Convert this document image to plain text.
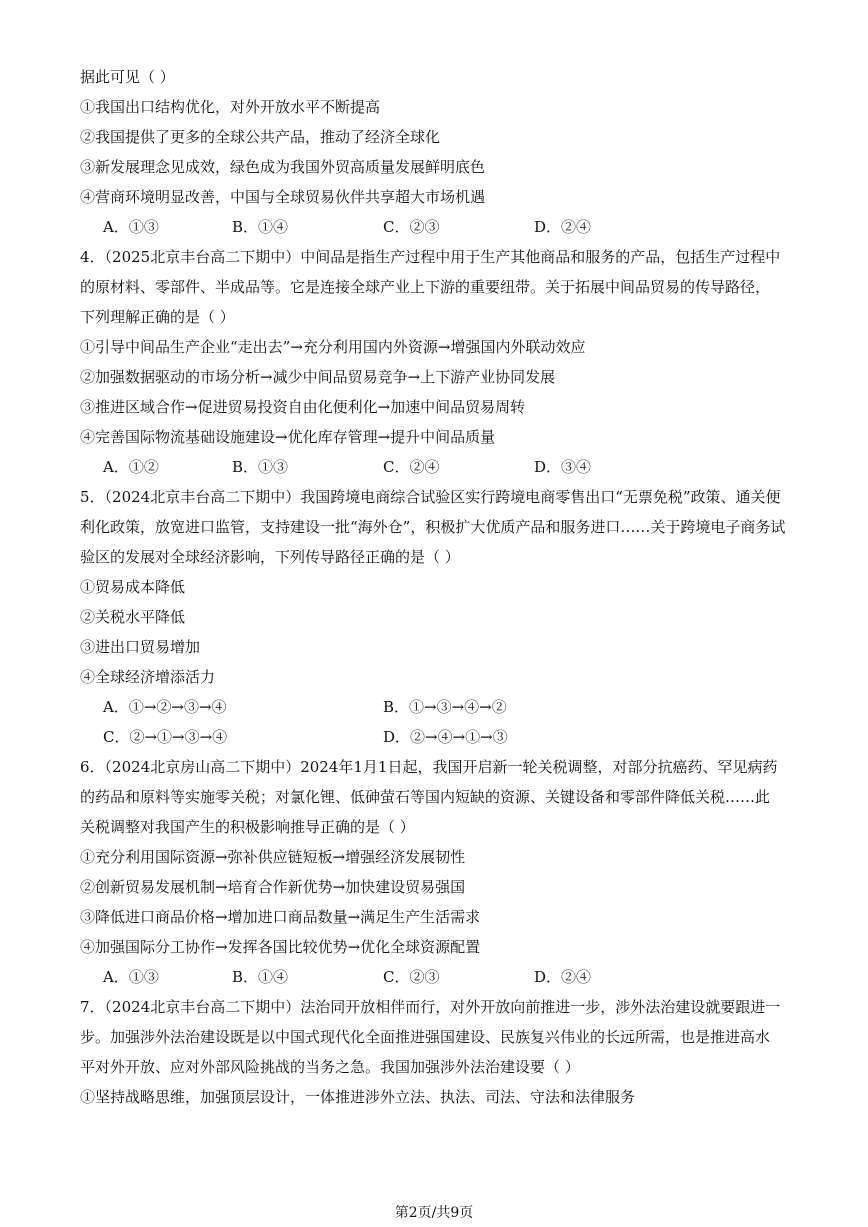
据此可见（ ）
①我国出口结构优化，对外开放水平不断提高
②我国提供了更多的全球公共产品，推动了经济全球化
③新发展理念见成效，绿色成为我国外贸高质量发展鲜明底色
④营商环境明显改善，中国与全球贸易伙伴共享超大市场机遇
A．①③	B．①④	C．②③	D．②④
4．（2025北京丰台高二下期中）中间品是指生产过程中用于生产其他商品和服务的产品，包括生产过程中
的原材料、零部件、半成品等。它是连接全球产业上下游的重要纽带。关于拓展中间品贸易的传导路径，
下列理解正确的是（ ）
①引导中间品生产企业“走出去”→充分利用国内外资源→增强国内外联动效应
②加强数据驱动的市场分析→减少中间品贸易竞争→上下游产业协同发展
③推进区域合作→促进贸易投资自由化便利化→加速中间品贸易周转
④完善国际物流基础设施建设→优化库存管理→提升中间品质量
A．①②	B．①③	C．②④	D．③④
5．（2024北京丰台高二下期中）我国跨境电商综合试验区实行跨境电商零售出口“无票免税”政策、通关便
利化政策，放宽进口监管，支持建设一批“海外仓”，积极扩大优质产品和服务进口……关于跨境电子商务试
验区的发展对全球经济影响，下列传导路径正确的是（ ）
①贸易成本降低
②关税水平降低
③进出口贸易增加
④全球经济增添活力
A．①→②→③→④	B．①→③→④→②
C．②→①→③→④	D．②→④→①→③
6．（2024北京房山高二下期中）2024年1月1日起，我国开启新一轮关税调整，对部分抗癌药、罕见病药
的药品和原料等实施零关税；对氯化锂、低砷萤石等国内短缺的资源、关键设备和零部件降低关税……此
关税调整对我国产生的积极影响推导正确的是（ ）
①充分利用国际资源→弥补供应链短板→增强经济发展韧性
②创新贸易发展机制→培育合作新优势→加快建设贸易强国
③降低进口商品价格→增加进口商品数量→满足生产生活需求
④加强国际分工协作→发挥各国比较优势→优化全球资源配置
A．①③	B．①④	C．②③	D．②④
7．（2024北京丰台高二下期中）法治同开放相伴而行，对外开放向前推进一步，涉外法治建设就要跟进一
步。加强涉外法治建设既是以中国式现代化全面推进强国建设、民族复兴伟业的长远所需，也是推进高水
平对外开放、应对外部风险挑战的当务之急。我国加强涉外法治建设要（ ）
①坚持战略思维，加强顶层设计，一体推进涉外立法、执法、司法、守法和法律服务
第2页/共9页
